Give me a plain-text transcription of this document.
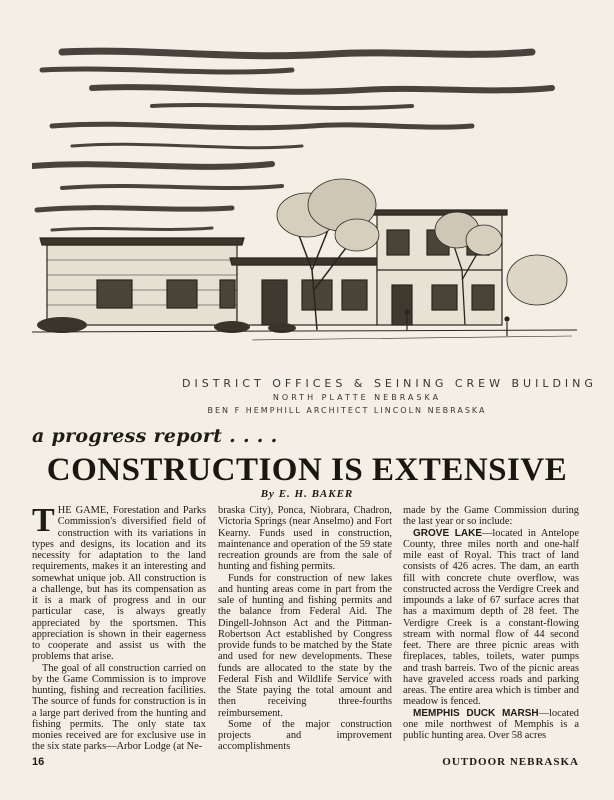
DISTRICT OFFICES & SEINING CREW BUILDING
NORTH PLATTE NEBRASKA
BEN F HEMPHILL ARCHITECT LINCOLN NEBRASKA
a progress report . . . .
CONSTRUCTION IS EXTENSIVE
By E. H. BAKER

THE GAME, Forestation and Parks Commission's diversified field of construction with its variations in types and designs, its location and its necessity for adaptation to the land requirements, makes it an interesting and somewhat unique job. All construction is a challenge, but has its compensation as it is a mark of progress and in our particular case, is always greatly appreciated by the sportsmen. This appreciation is shown in their eagerness to cooperate and assist us with the problems that arise.

The goal of all construction carried on by the Game Commission is to improve hunting, fishing and recreation facilities. The source of funds for construction is in a large part derived from the hunting and fishing permits. The only state tax monies received are for exclusive use in the six state parks—Arbor Lodge (at Ne-

braska City), Ponca, Niobrara, Chadron, Victoria Springs (near Anselmo) and Fort Kearny. Funds used in construction, maintenance and operation of the 59 state recreation grounds are from the sale of hunting and fishing permits.

Funds for construction of new lakes and hunting areas come in part from the sale of hunting and fishing permits and the balance from Federal Aid. The Dingell-Johnson Act and the Pittman-Robertson Act established by Congress provide funds to be matched by the State and used for new developments. These funds are allocated to the state by the Federal Fish and Wildlife Service with the State paying the total amount and then receiving three-fourths reimbursement.

Some of the major construction projects and improvement accomplishments

made by the Game Commission during the last year or so include:

GROVE LAKE—located in Antelope County, three miles north and one-half mile east of Royal. This tract of land consists of 426 acres. The dam, an earth fill with concrete chute overflow, was constructed across the Verdigre Creek and impounds a lake of 67 surface acres that has a maximum depth of 28 feet. The Verdigre Creek is a constant-flowing stream with normal flow of 44 second feet. There are three picnic areas with fireplaces, tables, toilets, water pumps and trash barreis. Two of the picnic areas have graveled access roads and parking areas. The entire area which is timber and meadow is fenced.

MEMPHIS DUCK MARSH—located one mile northwest of Memphis is a public hunting area. Over 58 acres

16	OUTDOOR NEBRASKA
